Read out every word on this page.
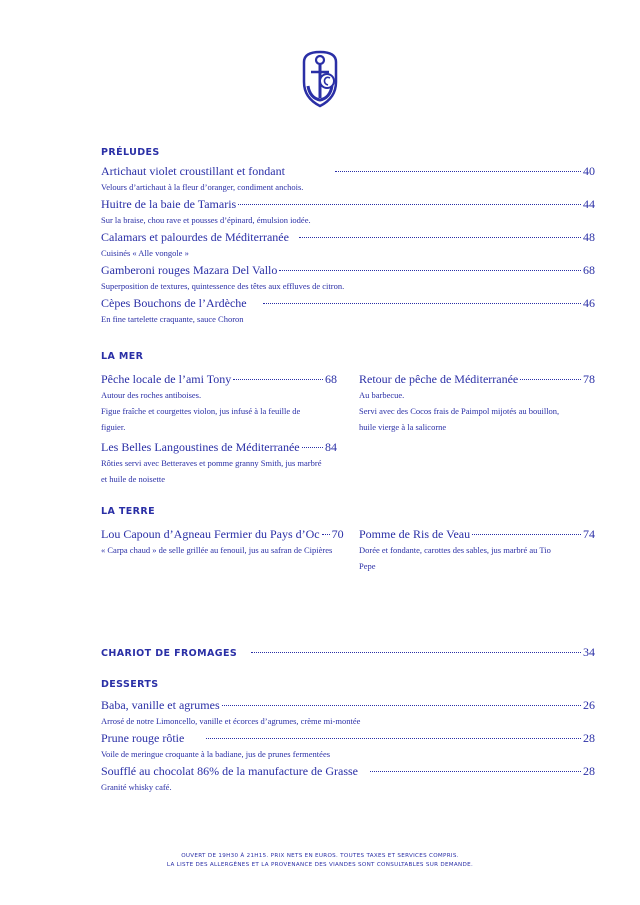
PRÉLUDES
Artichaut violet croustillant et fondant	40
Velours d’artichaut à la fleur d’oranger, condiment anchois.
Huitre de la baie de Tamaris	44
Sur la braise, chou rave et pousses d’épinard, émulsion iodée.
Calamars et palourdes de Méditerranée	48
Cuisinés « Alle vongole »
Gamberoni rouges Mazara Del Vallo	68
Superposition de textures, quintessence des têtes aux effluves de citron.
Cèpes Bouchons de l’Ardèche	46
En fine tartelette craquante, sauce Choron
LA MER
Pêche locale de l’ami Tony	68
Autour des roches antiboises.
Figue fraîche et courgettes violon, jus infusé à la feuille de figuier.
Retour de pêche de Méditerranée	78
Au barbecue.
Servi avec des Cocos frais de Paimpol mijotés au bouillon, huile vierge à la salicorne
Les Belles Langoustines de Méditerranée 84
Rôties servi avec Betteraves et pomme granny Smith, jus marbré et huile de noisette
LA TERRE
Lou Capoun d’Agneau Fermier du Pays d’Oc 70
« Carpa chaud » de selle grillée au fenouil, jus au safran de Cipières
Pomme de Ris de Veau	74
Dorée et fondante, carottes des sables, jus marbré au Tio Pepe
CHARIOT DE FROMAGES	34
DESSERTS
Baba, vanille et agrumes	26
Arrosé de notre Limoncello, vanille et écorces d’agrumes, crème mi-montée
Prune rouge rôtie	28
Voile de meringue croquante à la badiane, jus de prunes fermentées
Soufflé au chocolat 86% de la manufacture de Grasse	28
Granité whisky café.
OUVERT DE 19H30 À 21H15. PRIX NETS EN EUROS. TOUTES TAXES ET SERVICES COMPRIS.
LA LISTE DES ALLERGÈNES ET LA PROVENANCE DES VIANDES SONT CONSULTABLES SUR DEMANDE.
